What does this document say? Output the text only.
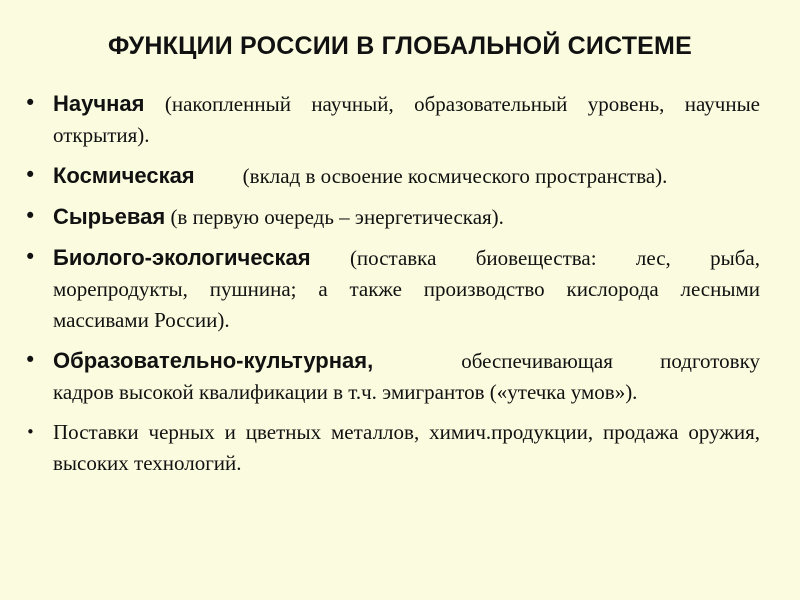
ФУНКЦИИ РОССИИ В ГЛОБАЛЬНОЙ СИСТЕМЕ
• Научная (накопленный научный, образовательный уровень, научные открытия).
• Космическая (вклад в освоение космического пространства).
• Сырьевая (в первую очередь – энергетическая).
• Биолого-экологическая (поставка биовещества: лес, рыба, морепродукты, пушнина; а также производство кислорода лесными массивами России).
• Образовательно-культурная,	обеспечивающая подготовку кадров высокой квалификации в т.ч. эмигрантов («утечка умов»).
• Поставки черных и цветных металлов, химич.продукции, продажа оружия, высоких технологий.
